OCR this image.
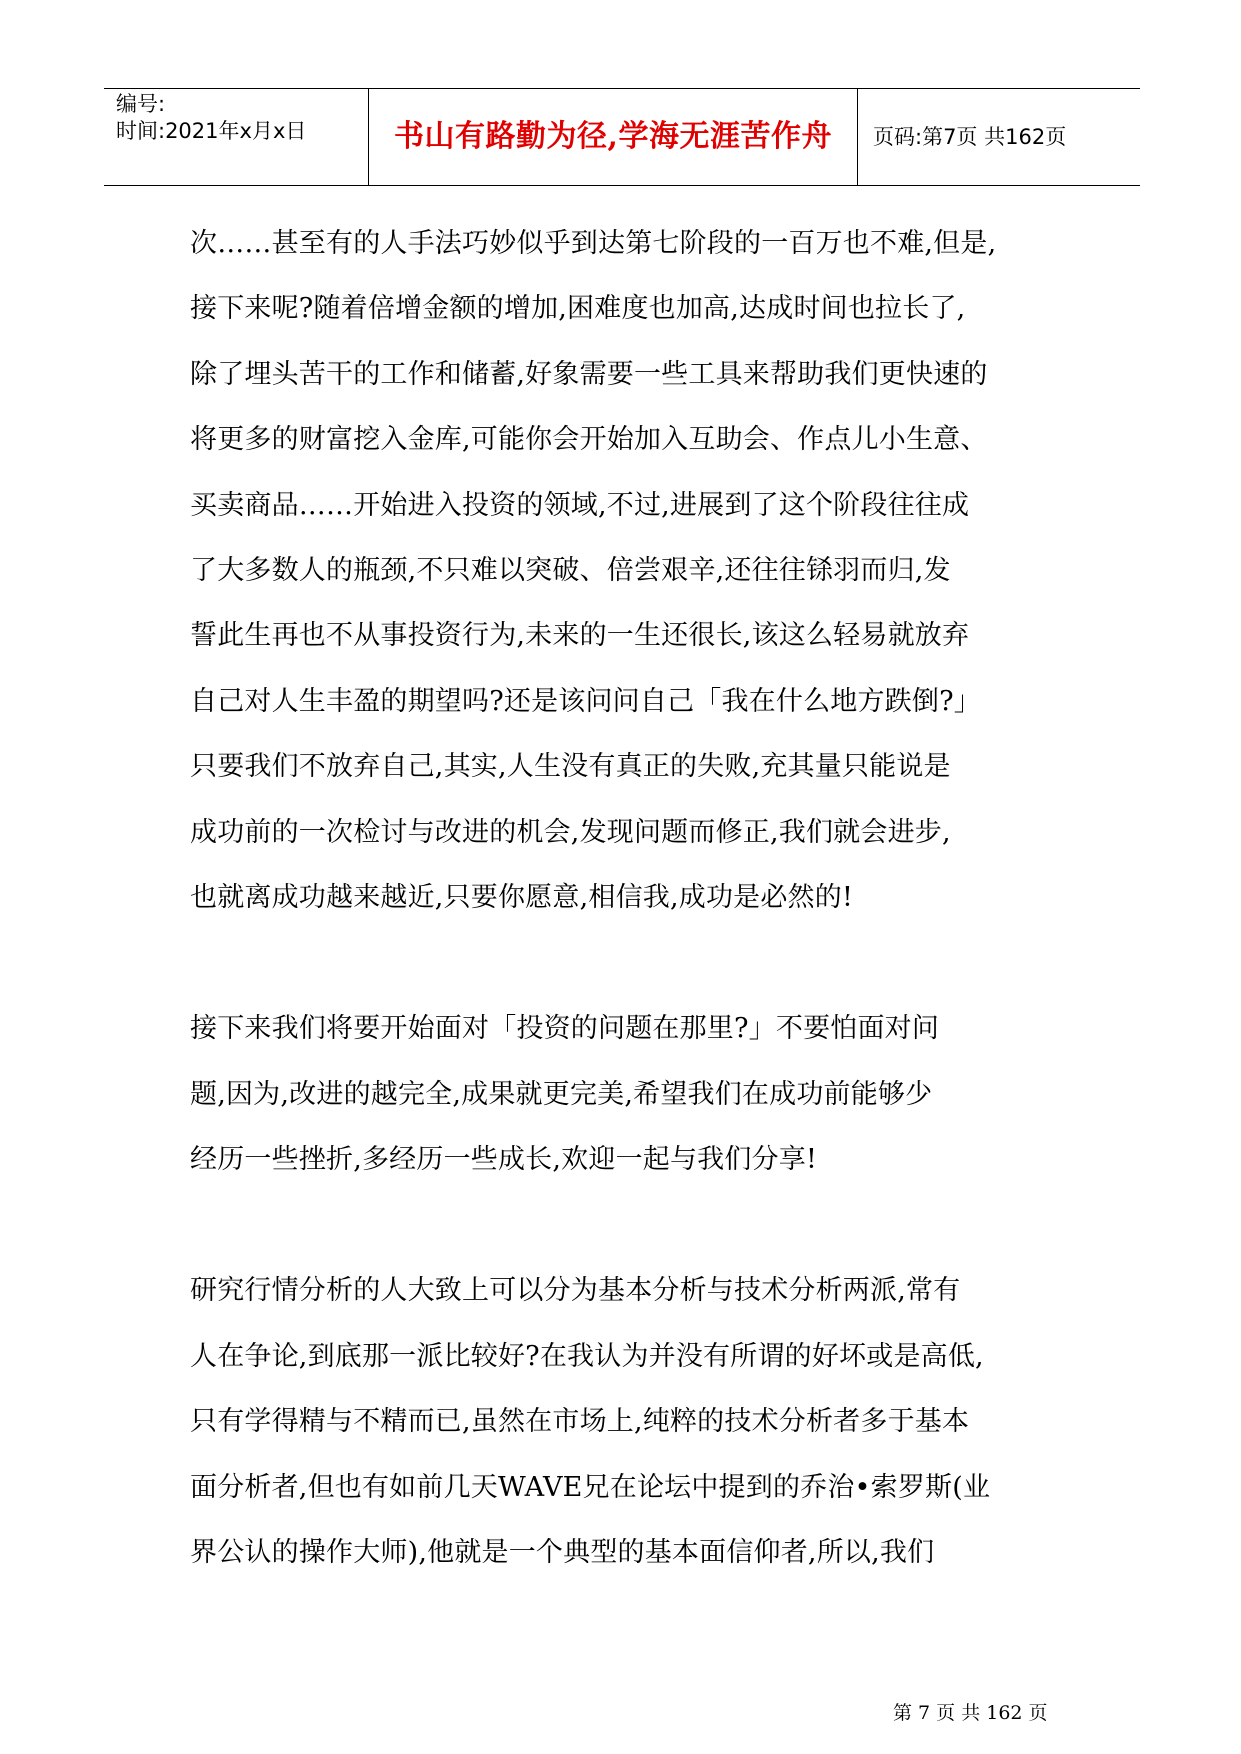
编号:
时间:2021年x月x日	书山有路勤为径,学海无涯苦作舟	页码:第7页 共162页
次……甚至有的人手法巧妙似乎到达第七阶段的一百万也不难,但是,
接下来呢?随着倍增金额的增加,困难度也加高,达成时间也拉长了,
除了埋头苦干的工作和储蓄,好象需要一些工具来帮助我们更快速的
将更多的财富挖入金库,可能你会开始加入互助会、作点儿小生意、
买卖商品……开始进入投资的领域,不过,进展到了这个阶段往往成
了大多数人的瓶颈,不只难以突破、倍尝艰辛,还往往铩羽而归,发
誓此生再也不从事投资行为,未来的一生还很长,该这么轻易就放弃
自己对人生丰盈的期望吗?还是该问问自己「我在什么地方跌倒?」
只要我们不放弃自己,其实,人生没有真正的失败,充其量只能说是
成功前的一次检讨与改进的机会,发现问题而修正,我们就会进步,
也就离成功越来越近,只要你愿意,相信我,成功是必然的!
接下来我们将要开始面对「投资的问题在那里?」不要怕面对问
题,因为,改进的越完全,成果就更完美,希望我们在成功前能够少
经历一些挫折,多经历一些成长,欢迎一起与我们分享!
研究行情分析的人大致上可以分为基本分析与技术分析两派,常有
人在争论,到底那一派比较好?在我认为并没有所谓的好坏或是高低,
只有学得精与不精而已,虽然在市场上,纯粹的技术分析者多于基本
面分析者,但也有如前几天WAVE兄在论坛中提到的乔治•索罗斯(业
界公认的操作大师),他就是一个典型的基本面信仰者,所以,我们
第 7 页 共 162 页
